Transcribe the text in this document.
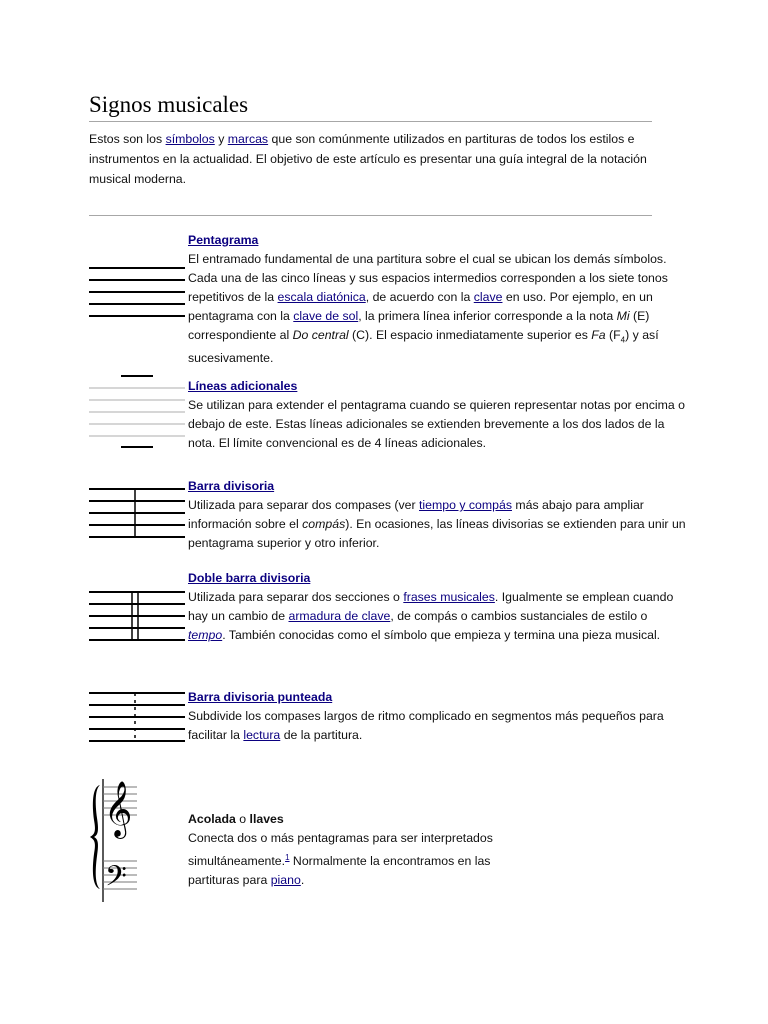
Signos musicales

Estos son los símbolos y marcas que son comúnmente utilizados en partituras de todos los estilos e instrumentos en la actualidad. El objetivo de este artículo es presentar una guía integral de la notación musical moderna.

Pentagrama

El entramado fundamental de una partitura sobre el cual se ubican los demás símbolos. Cada una de las cinco líneas y sus espacios intermedios corresponden a los siete tonos repetitivos de la escala diatónica, de acuerdo con la clave en uso. Por ejemplo, en un pentagrama con la clave de sol, la primera línea inferior corresponde a la nota Mi (E) correspondiente al Do central (C). El espacio inmediatamente superior es Fa $(F_4)$ y así sucesivamente.

Líneas adicionales

Se utilizan para extender el pentagrama cuando se quieren representar notas por encima o debajo de este. Estas líneas adicionales se extienden brevemente a los dos lados de la nota. El límite convencional es de 4 líneas adicionales.

Barra divisoria

Utilizada para separar dos compases (ver tiempo y compás más abajo para ampliar información sobre el compás). En ocasiones, las líneas divisorias se extienden para unir un pentagrama superior y otro inferior.

Doble barra divisoria

Utilizada para separar dos secciones o frases musicales. Igualmente se emplean cuando hay un cambio de armadura de clave, de compás o cambios sustanciales de estilo o tempo. También conocidas como el símbolo que empieza y termina una pieza musical.

Barra divisoria punteada

Subdivide los compases largos de ritmo complicado en segmentos más pequeños para facilitar la lectura de la partitura.

𝄞
𝄢

Acolada o llaves

Conecta dos o más pentagramas para ser interpretados simultáneamente.$^1$ Normalmente la encontramos en las partituras para piano.
